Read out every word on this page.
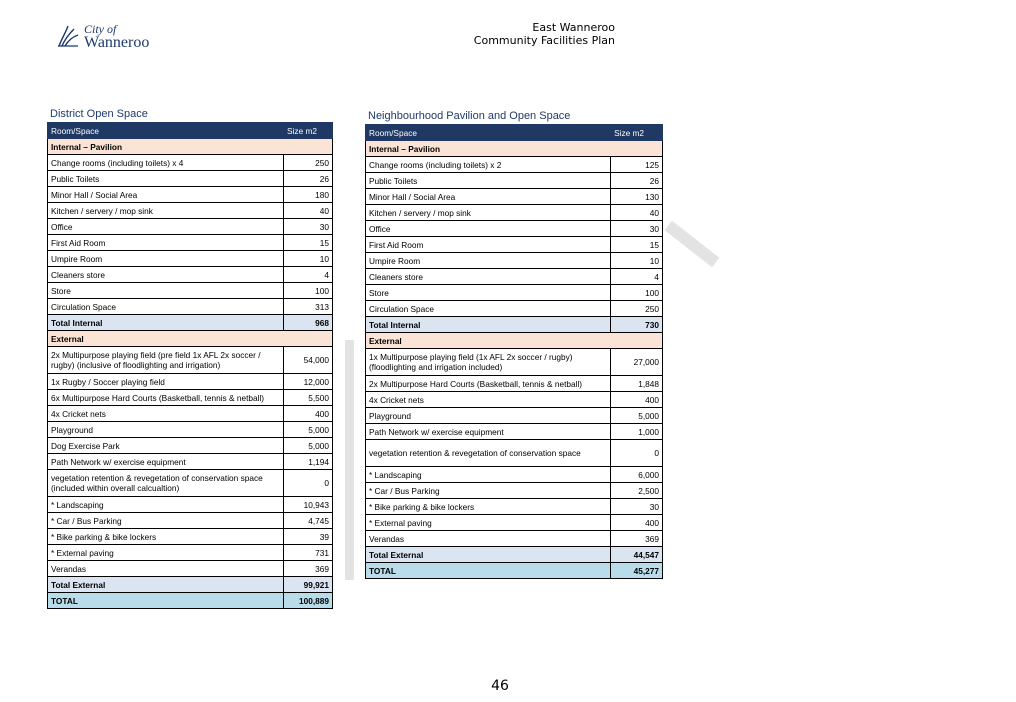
City of
Wanneroo
East Wanneroo
Community Facilities Plan
District Open Space
Room/Space	Size m2
Internal – Pavilion	
Change rooms (including toilets) x 4	250
Public Toilets	26
Minor Hall / Social Area	180
Kitchen / servery / mop sink	40
Office	30
First Aid Room	15
Umpire Room	10
Cleaners store	4
Store	100
Circulation Space	313
Total Internal	968
External	
2x Multipurpose playing field (pre field 1x AFL 2x soccer / rugby) (inclusive of floodlighting and irrigation)	54,000
1x Rugby / Soccer playing field	12,000
6x Multipurpose Hard Courts (Basketball, tennis & netball)	5,500
4x Cricket nets	400
Playground	5,000
Dog Exercise Park	5,000
Path Network w/ exercise equipment	1,194
vegetation retention & revegetation of conservation space (included within overall calcualtion)	0
* Landscaping	10,943
* Car / Bus Parking	4,745
* Bike parking & bike lockers	39
* External paving	731
Verandas	369
Total External	99,921
TOTAL	100,889
Neighbourhood Pavilion and Open Space
Room/Space	Size m2
Internal – Pavilion	
Change rooms (including toilets) x 2	125
Public Toilets	26
Minor Hall / Social Area	130
Kitchen / servery / mop sink	40
Office	30
First Aid Room	15
Umpire Room	10
Cleaners store	4
Store	100
Circulation Space	250
Total Internal	730
External	
1x Multipurpose playing field (1x AFL 2x soccer / rugby) (floodlighting and irrigation included)	27,000
2x Multipurpose Hard Courts (Basketball, tennis & netball)	1,848
4x Cricket nets	400
Playground	5,000
Path Network w/ exercise equipment	1,000
vegetation retention & revegetation of conservation space	0
* Landscaping	6,000
* Car / Bus Parking	2,500
* Bike parking & bike lockers	30
* External paving	400
Verandas	369
Total External	44,547
TOTAL	45,277
46
